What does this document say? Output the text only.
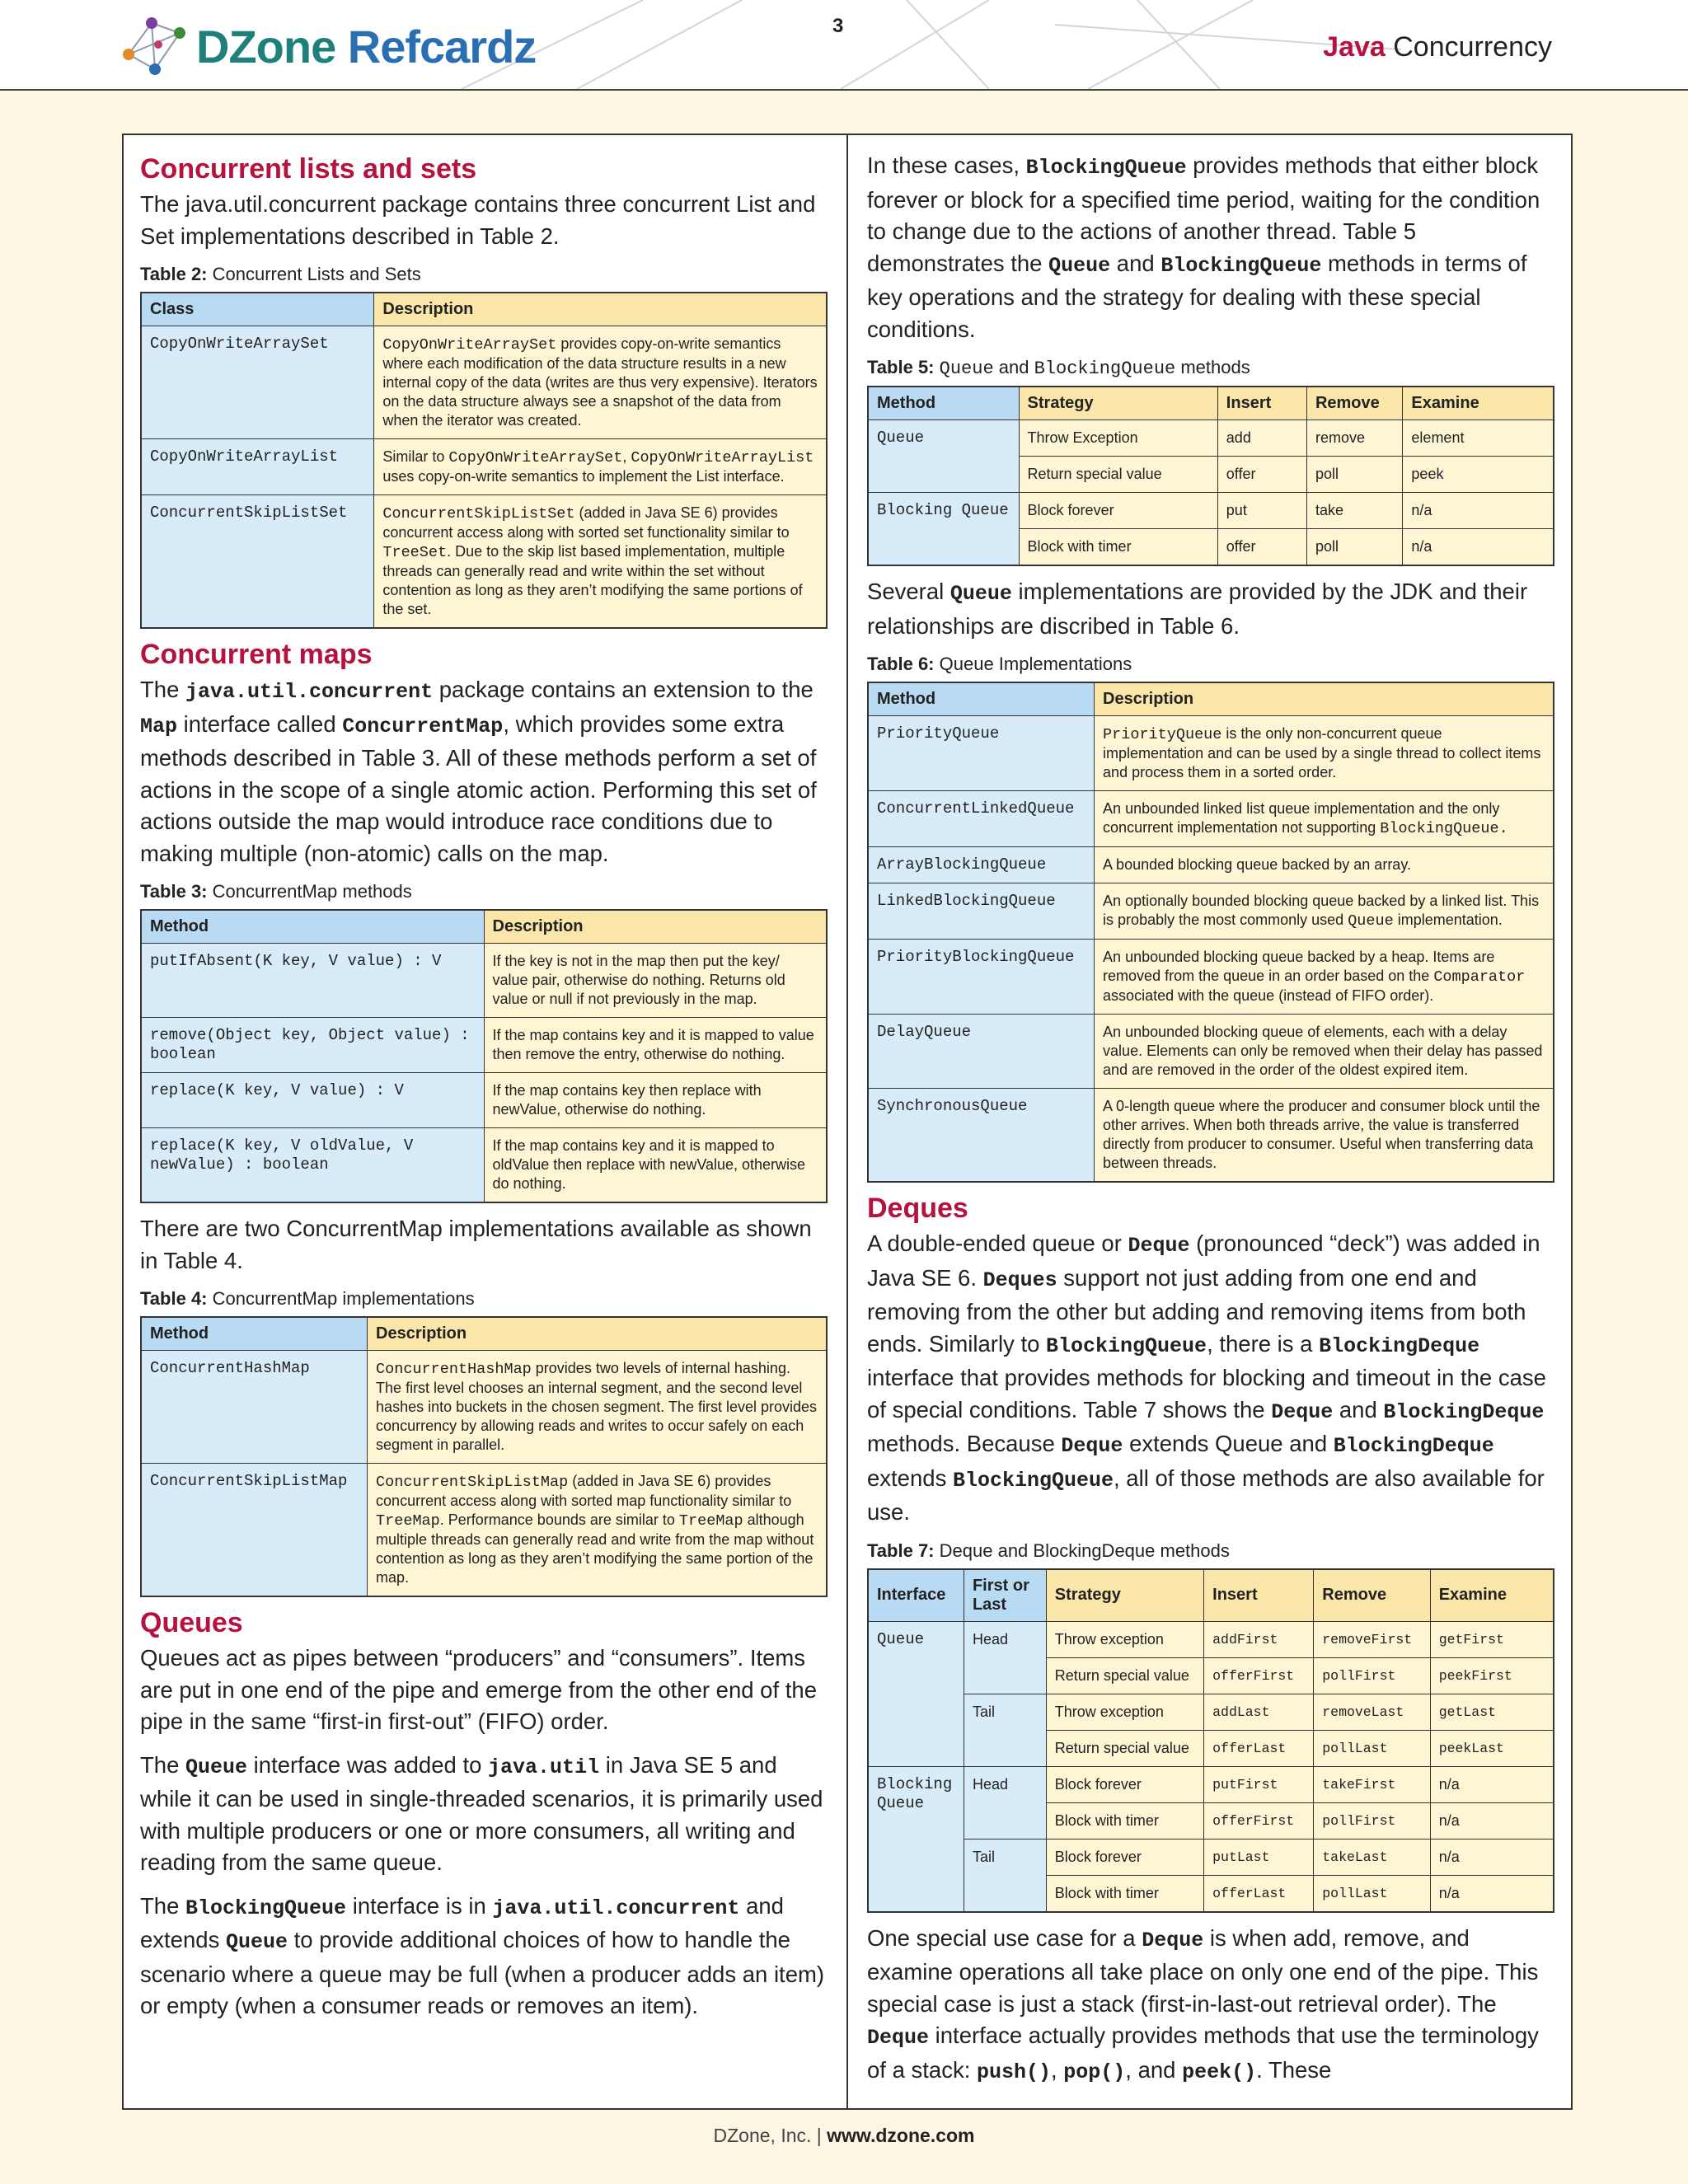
DZone Refcardz	3
Java Concurrency
Concurrent lists and sets

The java.util.concurrent package contains three concurrent List and Set implementations described in Table 2.

Table 2: Concurrent Lists and Sets
Class	Description
CopyOnWriteArraySet	CopyOnWriteArraySet provides copy-on-write semantics where each modification of the data structure results in a new internal copy of the data (writes are thus very expensive). Iterators on the data structure always see a snapshot of the data from when the iterator was created.
CopyOnWriteArrayList	Similar to CopyOnWriteArraySet, CopyOnWriteArrayList uses copy-on-write semantics to implement the List interface.
ConcurrentSkipListSet	ConcurrentSkipListSet (added in Java SE 6) provides concurrent access along with sorted set functionality similar to TreeSet. Due to the skip list based implementation, multiple threads can generally read and write within the set without contention as long as they aren’t modifying the same portions of the set.
Concurrent maps

The java.util.concurrent package contains an extension to the Map interface called ConcurrentMap, which provides some extra methods described in Table 3. All of these methods perform a set of actions in the scope of a single atomic action. Performing this set of actions outside the map would introduce race conditions due to making multiple (non-atomic) calls on the map.

Table 3: ConcurrentMap methods
Method	Description
putIfAbsent(K key, V value) : V	If the key is not in the map then put the key/ value pair, otherwise do nothing. Returns old value or null if not previously in the map.
remove(Object key, Object value) : boolean	If the map contains key and it is mapped to value then remove the entry, otherwise do nothing.
replace(K key, V value) : V	If the map contains key then replace with newValue, otherwise do nothing.
replace(K key, V oldValue, V newValue) : boolean	If the map contains key and it is mapped to oldValue then replace with newValue, otherwise do nothing.

There are two ConcurrentMap implementations available as shown in Table 4.

Table 4: ConcurrentMap implementations
Method	Description
ConcurrentHashMap	ConcurrentHashMap provides two levels of internal hashing. The first level chooses an internal segment, and the second level hashes into buckets in the chosen segment. The first level provides concurrency by allowing reads and writes to occur safely on each segment in parallel.
ConcurrentSkipListMap	ConcurrentSkipListMap (added in Java SE 6) provides concurrent access along with sorted map functionality similar to TreeMap. Performance bounds are similar to TreeMap although multiple threads can generally read and write from the map without contention as long as they aren’t modifying the same portion of the map.
Queues

Queues act as pipes between “producers” and “consumers”. Items are put in one end of the pipe and emerge from the other end of the pipe in the same “first-in first-out” (FIFO) order.

The Queue interface was added to java.util in Java SE 5 and while it can be used in single-threaded scenarios, it is primarily used with multiple producers or one or more consumers, all writing and reading from the same queue.

The BlockingQueue interface is in java.util.concurrent and extends Queue to provide additional choices of how to handle the scenario where a queue may be full (when a producer adds an item) or empty (when a consumer reads or removes an item).

In these cases, BlockingQueue provides methods that either block forever or block for a specified time period, waiting for the condition to change due to the actions of another thread. Table 5 demonstrates the Queue and BlockingQueue methods in terms of key operations and the strategy for dealing with these special conditions.

Table 5: Queue and BlockingQueue methods
Method	Strategy	Insert	Remove	Examine
Queue	Throw Exception	add	remove	element
	Return special value	offer	poll	peek
Blocking Queue	Block forever	put	take	n/a
	Block with timer	offer	poll	n/a

Several Queue implementations are provided by the JDK and their relationships are discribed in Table 6.

Table 6: Queue Implementations
Method	Description
PriorityQueue	PriorityQueue is the only non-concurrent queue implementation and can be used by a single thread to collect items and process them in a sorted order.
ConcurrentLinkedQueue	An unbounded linked list queue implementation and the only concurrent implementation not supporting BlockingQueue.
ArrayBlockingQueue	A bounded blocking queue backed by an array.
LinkedBlockingQueue	An optionally bounded blocking queue backed by a linked list. This is probably the most commonly used Queue implementation.
PriorityBlockingQueue	An unbounded blocking queue backed by a heap. Items are removed from the queue in an order based on the Comparator associated with the queue (instead of FIFO order).
DelayQueue	An unbounded blocking queue of elements, each with a delay value. Elements can only be removed when their delay has passed and are removed in the order of the oldest expired item.
SynchronousQueue	A 0-length queue where the producer and consumer block until the other arrives. When both threads arrive, the value is transferred directly from producer to consumer. Useful when transferring data between threads.
Deques

A double-ended queue or Deque (pronounced “deck”) was added in Java SE 6. Deques support not just adding from one end and removing from the other but adding and removing items from both ends. Similarly to BlockingQueue, there is a BlockingDeque interface that provides methods for blocking and timeout in the case of special conditions. Table 7 shows the Deque and BlockingDeque methods. Because Deque extends Queue and BlockingDeque extends BlockingQueue, all of those methods are also available for use.

Table 7: Deque and BlockingDeque methods
Interface	First or Last	Strategy	Insert	Remove	Examine
Queue	Head	Throw exception	addFirst	removeFirst	getFirst
		Return special value	offerFirst	pollFirst	peekFirst
	Tail	Throw exception	addLast	removeLast	getLast
		Return special value	offerLast	pollLast	peekLast
Blocking Queue	Head	Block forever	putFirst	takeFirst	n/a
		Block with timer	offerFirst	pollFirst	n/a
	Tail	Block forever	putLast	takeLast	n/a
		Block with timer	offerLast	pollLast	n/a

One special use case for a Deque is when add, remove, and examine operations all take place on only one end of the pipe. This special case is just a stack (first-in-last-out retrieval order). The Deque interface actually provides methods that use the terminology of a stack: push(), pop(), and peek(). These

DZone, Inc. | www.dzone.com
